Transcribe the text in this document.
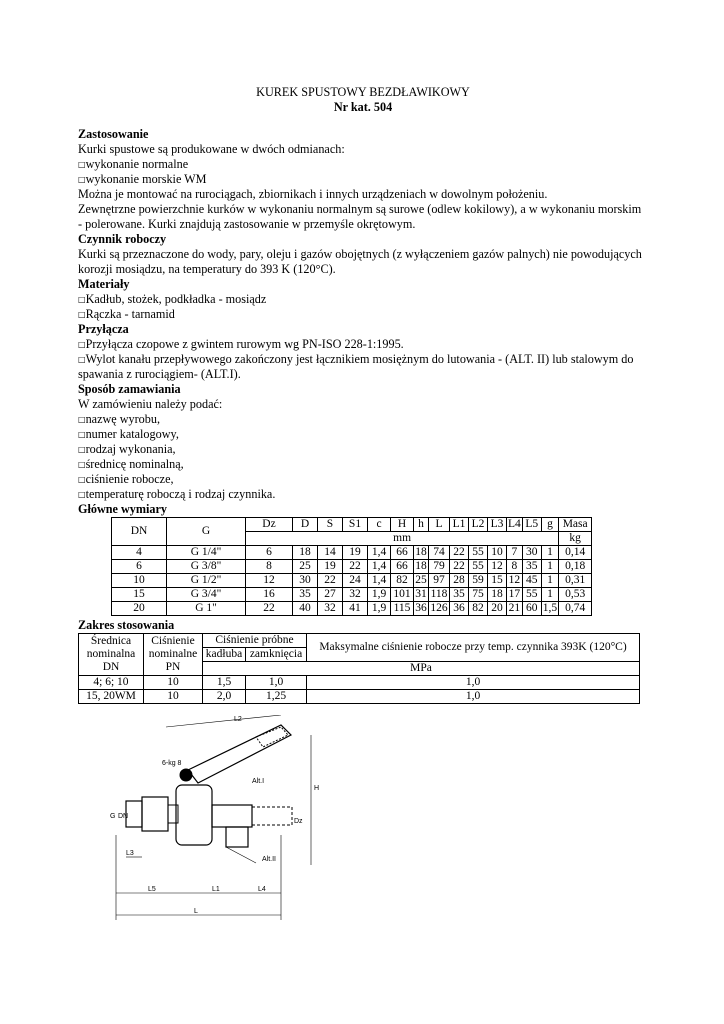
KUREK SPUSTOWY BEZDŁAWIKOWY
Nr kat. 504
Zastosowanie

Kurki spustowe są produkowane w dwóch odmianach:

□ wykonanie normalne

□ wykonanie morskie WM

Można je montować na rurociągach, zbiornikach i innych urządzeniach w dowolnym położeniu.

Zewnętrzne powierzchnie kurków w wykonaniu normalnym są surowe (odlew kokilowy), a w wykonaniu morskim - polerowane. Kurki znajdują zastosowanie w przemyśle okrętowym.

Czynnik roboczy

Kurki są przeznaczone do wody, pary, oleju i gazów obojętnych (z wyłączeniem gazów palnych) nie powodujących korozji mosiądzu, na temperatury do 393 K (120°C).

Materiały

□ Kadłub, stożek, podkładka - mosiądz

□ Rączka - tarnamid

Przyłącza

□ Przyłącza czopowe z gwintem rurowym wg PN-ISO 228-1:1995.

□ Wylot kanału przepływowego zakończony jest łącznikiem mosiężnym do lutowania - (ALT. II) lub stalowym do spawania z rurociągiem- (ALT.I).

Sposób zamawiania

W zamówieniu należy podać:

□ nazwę wyrobu,

□ numer katalogowy,

□ rodzaj wykonania,

□ średnicę nominalną,

□ ciśnienie robocze,

□ temperaturę roboczą i rodzaj czynnika.

Główne wymiary
DN	G	Dz	D	S	S1	c	H	h	L	L1	L2	L3	L4	L5	g	Masa
		mm														kg
4	G 1/4"	6	18	14	19	1,4	66	18	74	22	55	10	7	30	1	0,14
6	G 3/8"	8	25	19	22	1,4	66	18	79	22	55	12	8	35	1	0,18
10	G 1/2"	12	30	22	24	1,4	82	25	97	28	59	15	12	45	1	0,31
15	G 3/4"	16	35	27	32	1,9	101	31	118	35	75	18	17	55	1	0,53
20	G 1"	22	40	32	41	1,9	115	36	126	36	82	20	21	60	1,5	0,74
Zakres stosowania
Średnica nominalna DN	Ciśnienie nominalne PN	Ciśnienie próbne		Maksymalne ciśnienie robocze przy temp. czynnika 393K (120°C)
		kadłuba	zamknięcia	
		MPa		
4; 6; 10	10	1,5	1,0	1,0
15, 20WM	10	2,0	1,25	1,0
L2
H
Alt.I
Alt.II
6-kg 8
G DN
Dz
L3
L5	L1	L4
L
